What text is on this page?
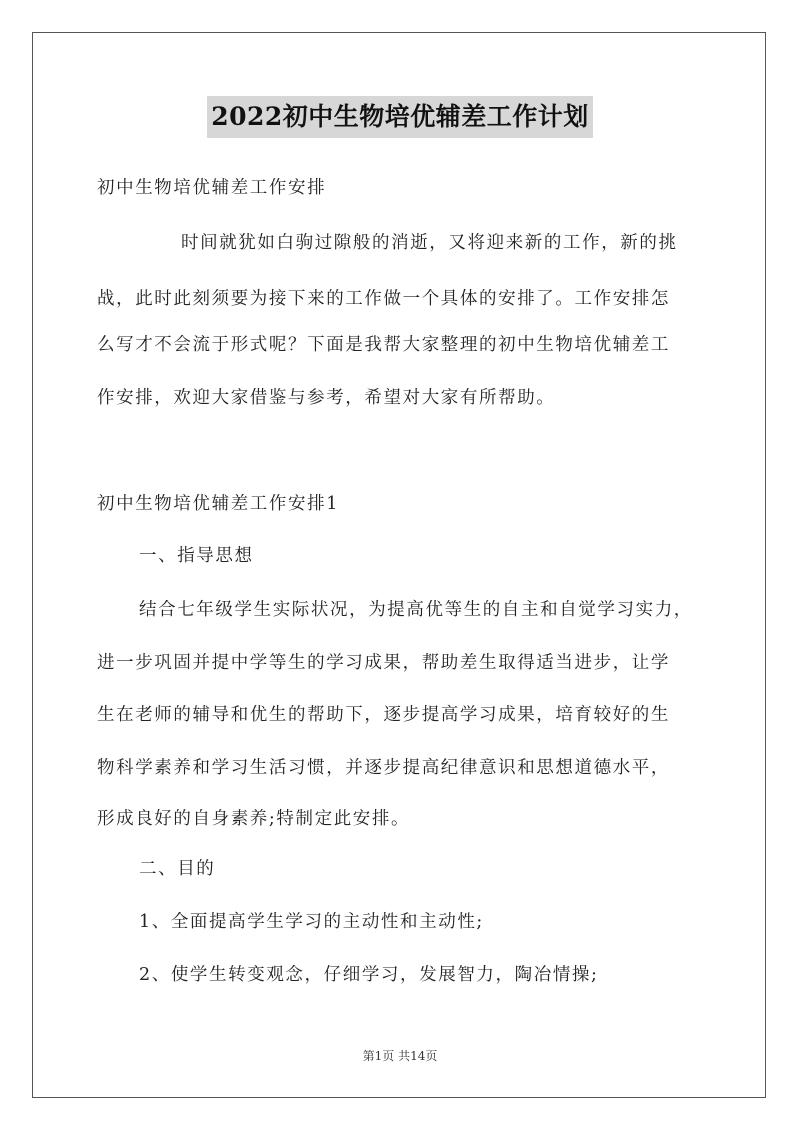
2022初中生物培优辅差工作计划
初中生物培优辅差工作安排
时间就犹如白驹过隙般的消逝，又将迎来新的工作，新的挑
战，此时此刻须要为接下来的工作做一个具体的安排了。工作安排怎
么写才不会流于形式呢？下面是我帮大家整理的初中生物培优辅差工
作安排，欢迎大家借鉴与参考，希望对大家有所帮助。
初中生物培优辅差工作安排1
一、指导思想
结合七年级学生实际状况，为提高优等生的自主和自觉学习实力，
进一步巩固并提中学等生的学习成果，帮助差生取得适当进步，让学
生在老师的辅导和优生的帮助下，逐步提高学习成果，培育较好的生
物科学素养和学习生活习惯，并逐步提高纪律意识和思想道德水平，
形成良好的自身素养;特制定此安排。
二、目的
1、全面提高学生学习的主动性和主动性;
2、使学生转变观念，仔细学习，发展智力，陶冶情操;
第1页 共14页
